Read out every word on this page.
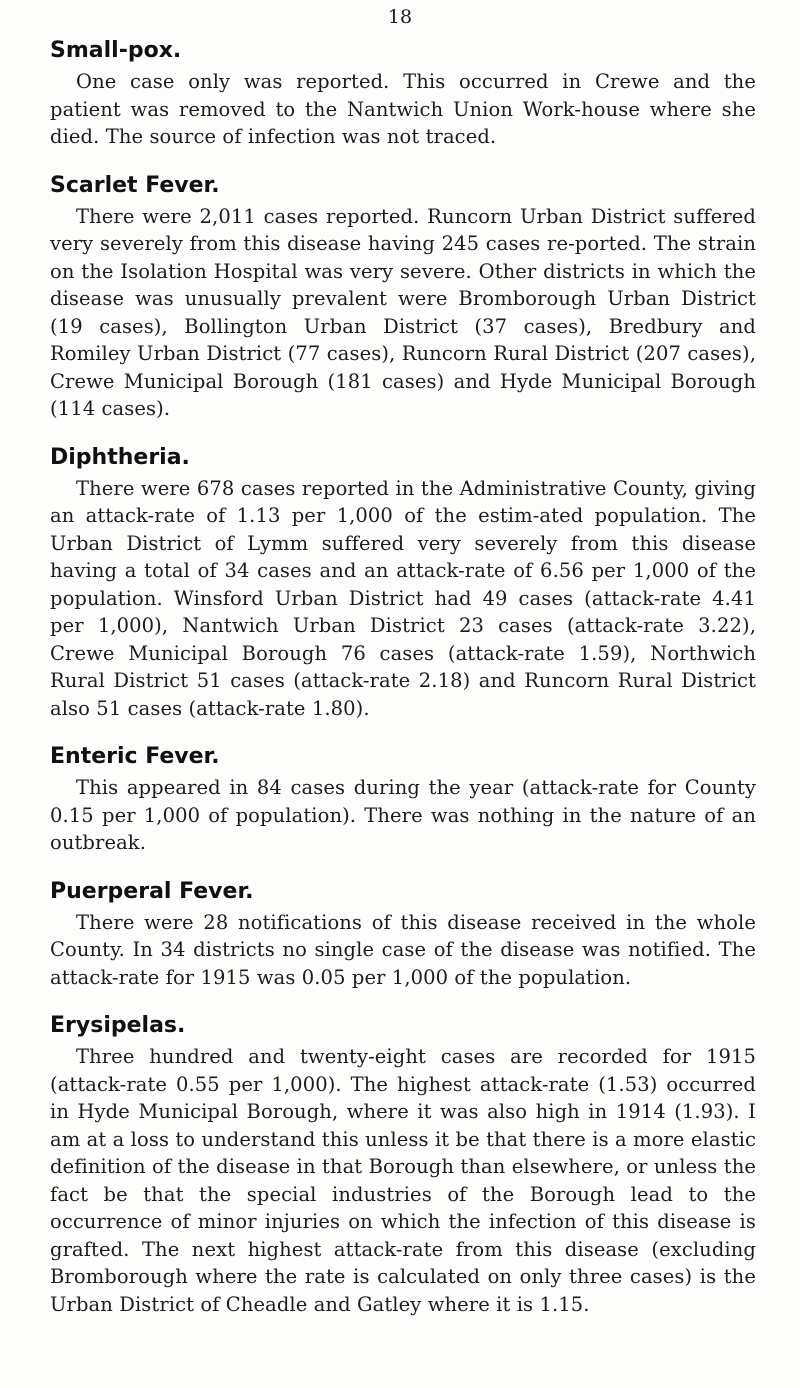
18
Small-pox.

One case only was reported. This occurred in Crewe and the patient was removed to the Nantwich Union Work-house where she died. The source of infection was not traced.

Scarlet Fever.

There were 2,011 cases reported. Runcorn Urban District suffered very severely from this disease having 245 cases re-ported. The strain on the Isolation Hospital was very severe. Other districts in which the disease was unusually prevalent were Bromborough Urban District (19 cases), Bollington Urban District (37 cases), Bredbury and Romiley Urban District (77 cases), Runcorn Rural District (207 cases), Crewe Municipal Borough (181 cases) and Hyde Municipal Borough (114 cases).

Diphtheria.

There were 678 cases reported in the Administrative County, giving an attack-rate of 1.13 per 1,000 of the estim-ated population. The Urban District of Lymm suffered very severely from this disease having a total of 34 cases and an attack-rate of 6.56 per 1,000 of the population. Winsford Urban District had 49 cases (attack-rate 4.41 per 1,000), Nantwich Urban District 23 cases (attack-rate 3.22), Crewe Municipal Borough 76 cases (attack-rate 1.59), Northwich Rural District 51 cases (attack-rate 2.18) and Runcorn Rural District also 51 cases (attack-rate 1.80).

Enteric Fever.

This appeared in 84 cases during the year (attack-rate for County 0.15 per 1,000 of population). There was nothing in the nature of an outbreak.

Puerperal Fever.

There were 28 notifications of this disease received in the whole County. In 34 districts no single case of the disease was notified. The attack-rate for 1915 was 0.05 per 1,000 of the population.

Erysipelas.

Three hundred and twenty-eight cases are recorded for 1915 (attack-rate 0.55 per 1,000). The highest attack-rate (1.53) occurred in Hyde Municipal Borough, where it was also high in 1914 (1.93). I am at a loss to understand this unless it be that there is a more elastic definition of the disease in that Borough than elsewhere, or unless the fact be that the special industries of the Borough lead to the occurrence of minor injuries on which the infection of this disease is grafted. The next highest attack-rate from this disease (excluding Bromborough where the rate is calculated on only three cases) is the Urban District of Cheadle and Gatley where it is 1.15.
